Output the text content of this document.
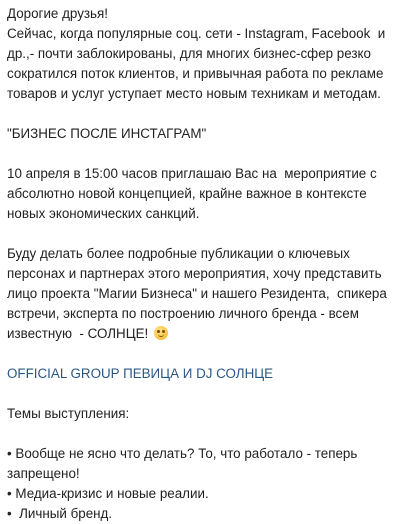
Дорогие друзья!

Сейчас, когда популярные соц. сети - Instagram, Facebook  и др.,- почти заблокированы, для многих бизнес-сфер резко сократился поток клиентов, и привычная работа по рекламе товаров и услуг уступает место новым техникам и методам.

"БИЗНЕС ПОСЛЕ ИНСТАГРАМ"

10 апреля в 15:00 часов приглашаю Вас на  мероприятие с абсолютно новой концепцией, крайне важное в контексте новых экономических санкций.

Буду делать более подробные публикации о ключевых персонах и партнерах этого мероприятия, хочу представить лицо проекта "Магии Бизнеса" и нашего Резидента,  спикера встречи, эксперта по построению личного бренда - всем известную  - СОЛНЦЕ!

OFFICIAL GROUP ПЕВИЦА И DJ СОЛНЦЕ

Темы выступления:

• Вообще не ясно что делать? То, что работало - теперь запрещено!

• Медиа-кризис и новые реалии.

•  Личный бренд.
